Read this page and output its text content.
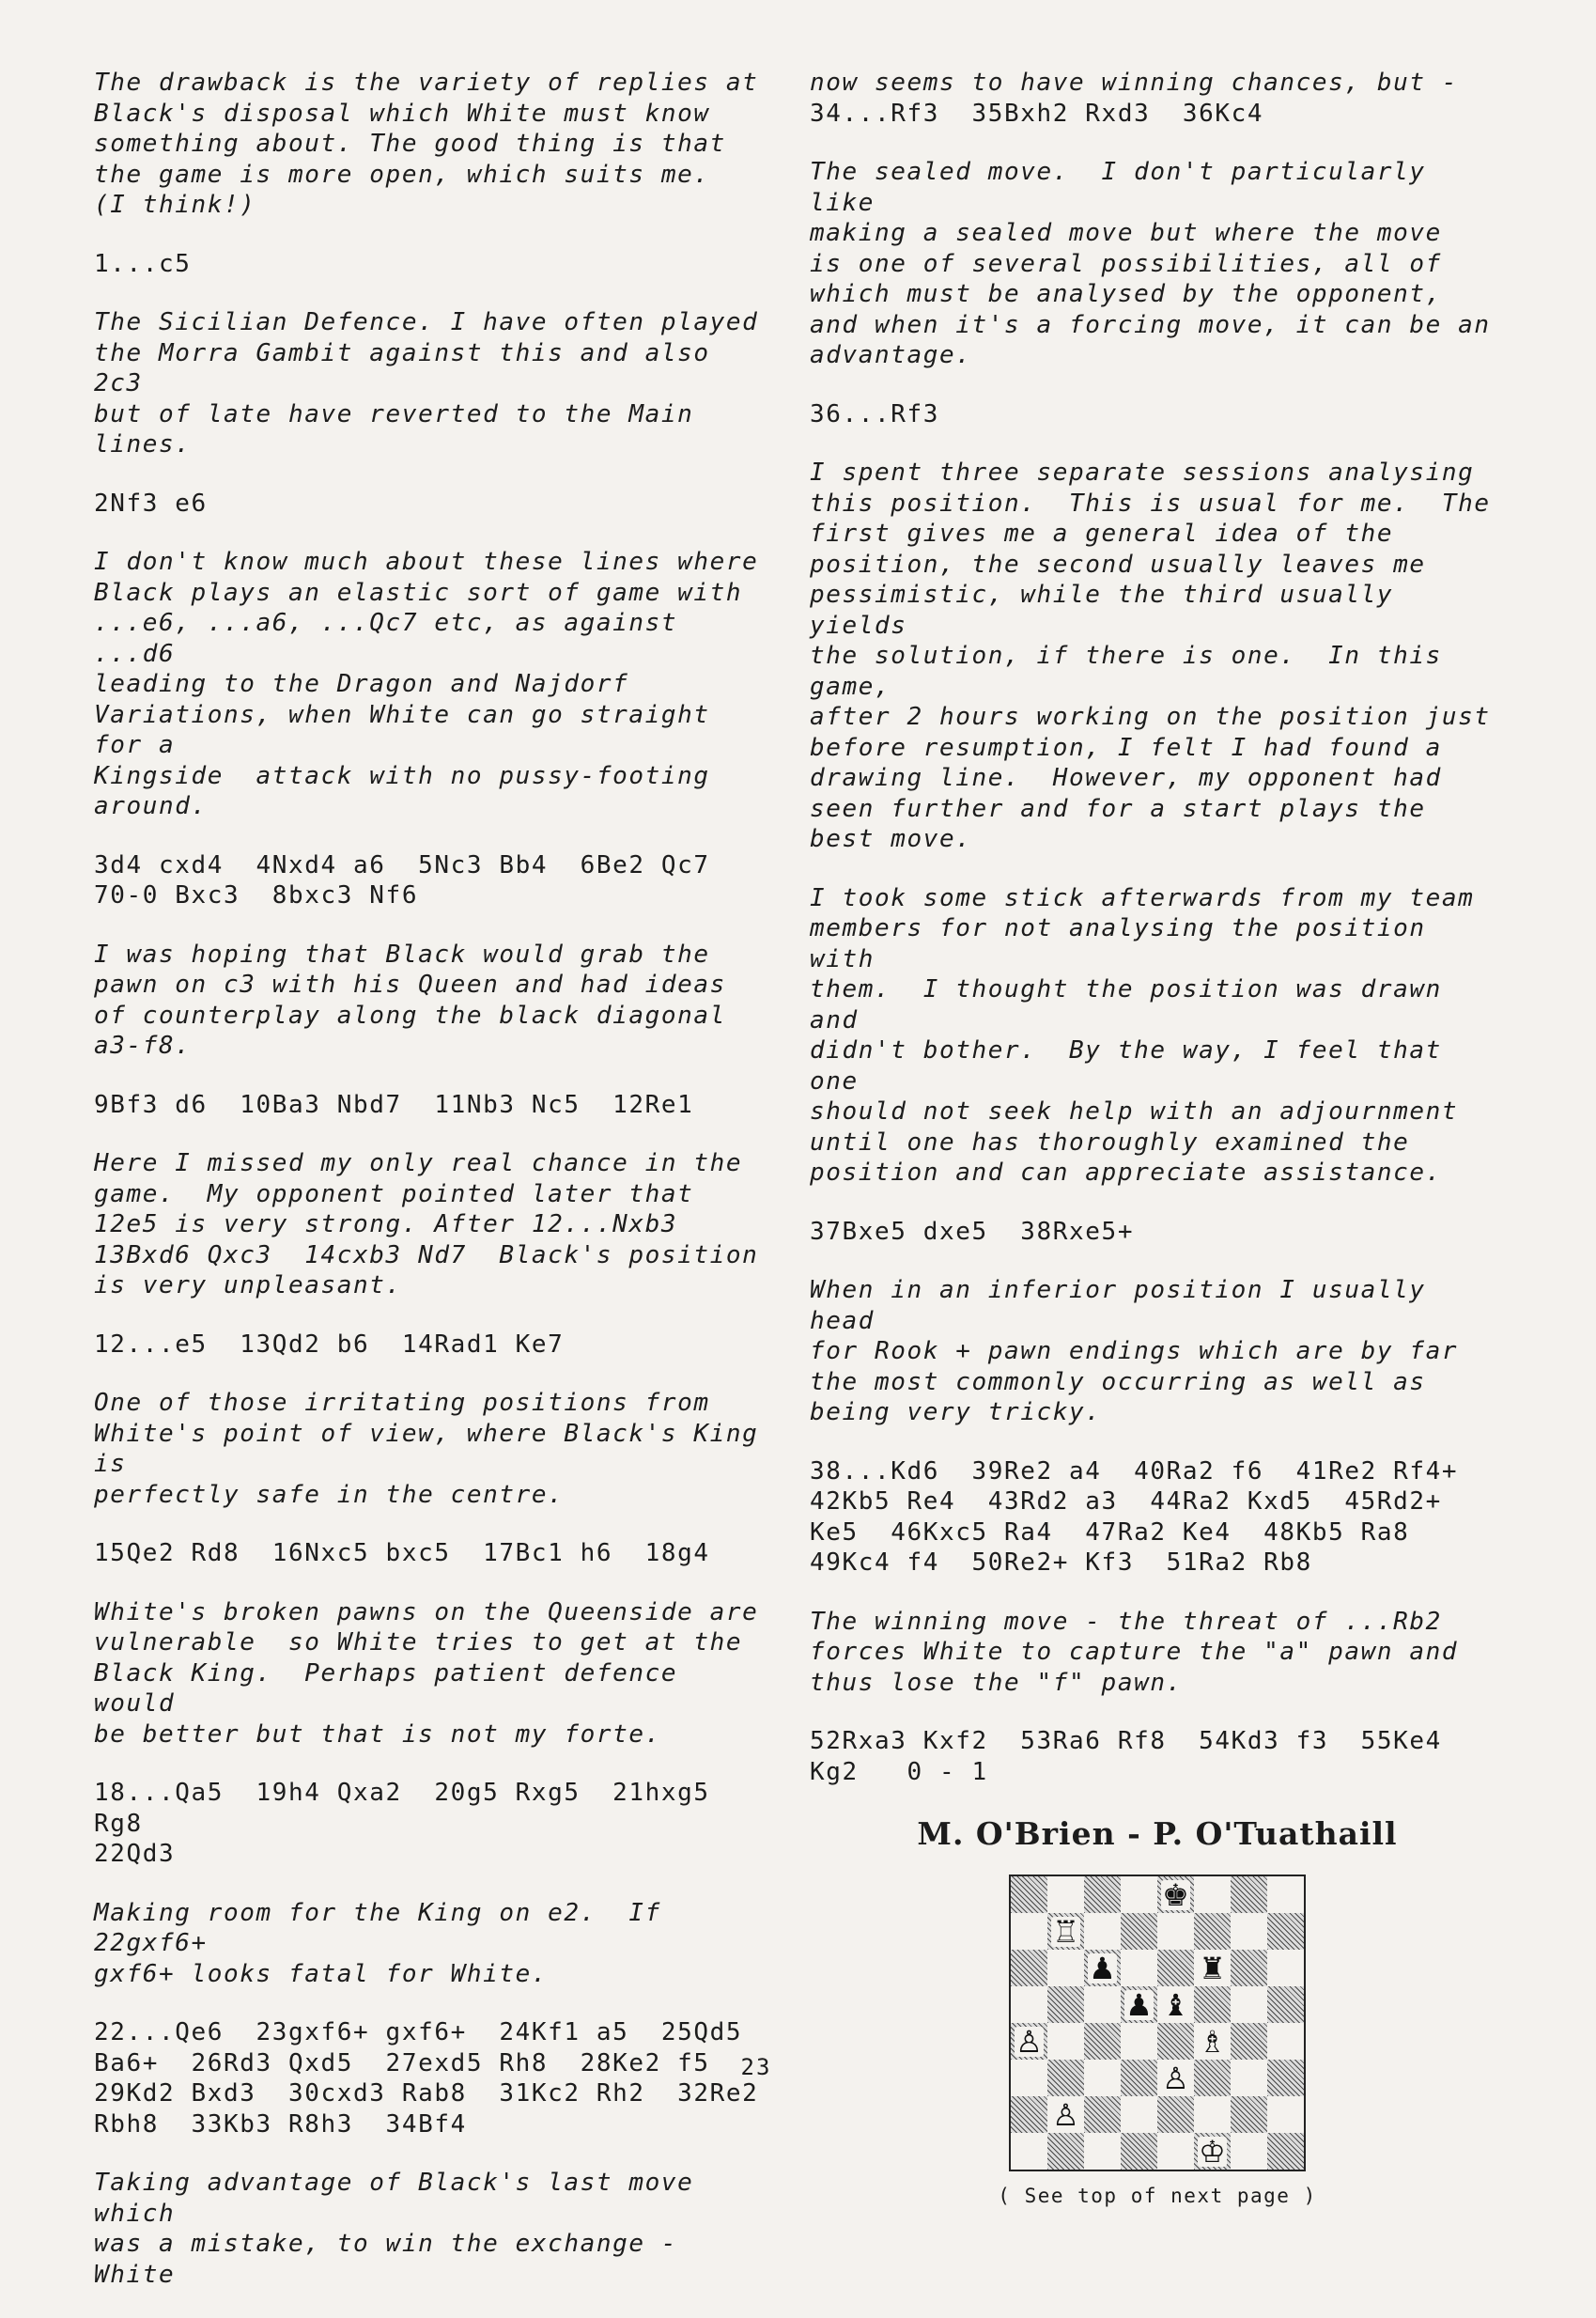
The drawback is the variety of replies at
Black's disposal which White must know
something about. The good thing is that
the game is more open, which suits me.
(I think!)

1...c5

The Sicilian Defence. I have often played
the Morra Gambit against this and also 2c3
but of late have reverted to the Main
lines.

2Nf3 e6

I don't know much about these lines where
Black plays an elastic sort of game with
...e6, ...a6, ...Qc7 etc, as against ...d6
leading to the Dragon and Najdorf
Variations, when White can go straight for a
Kingside  attack with no pussy-footing
around.

3d4 cxd4  4Nxd4 a6  5Nc3 Bb4  6Be2 Qc7
70-0 Bxc3  8bxc3 Nf6

I was hoping that Black would grab the
pawn on c3 with his Queen and had ideas
of counterplay along the black diagonal
a3-f8.

9Bf3 d6  10Ba3 Nbd7  11Nb3 Nc5  12Re1

Here I missed my only real chance in the
game.  My opponent pointed later that
12e5 is very strong. After 12...Nxb3
13Bxd6 Qxc3  14cxb3 Nd7  Black's position
is very unpleasant.

12...e5  13Qd2 b6  14Rad1 Ke7

One of those irritating positions from
White's point of view, where Black's King is
perfectly safe in the centre.

15Qe2 Rd8  16Nxc5 bxc5  17Bc1 h6  18g4

White's broken pawns on the Queenside are
vulnerable  so White tries to get at the
Black King.  Perhaps patient defence would
be better but that is not my forte.

18...Qa5  19h4 Qxa2  20g5 Rxg5  21hxg5 Rg8
22Qd3

Making room for the King on e2.  If 22gxf6+
gxf6+ looks fatal for White.

22...Qe6  23gxf6+ gxf6+  24Kf1 a5  25Qd5
Ba6+  26Rd3 Qxd5  27exd5 Rh8  28Ke2 f5
29Kd2 Bxd3  30cxd3 Rab8  31Kc2 Rh2  32Re2
Rbh8  33Kb3 R8h3  34Bf4

Taking advantage of Black's last move which
was a mistake, to win the exchange - White

now seems to have winning chances, but -

34...Rf3  35Bxh2 Rxd3  36Kc4

The sealed move.  I don't particularly like
making a sealed move but where the move
is one of several possibilities, all of
which must be analysed by the opponent,
and when it's a forcing move, it can be an
advantage.

36...Rf3

I spent three separate sessions analysing
this position.  This is usual for me.  The
first gives me a general idea of the
position, the second usually leaves me
pessimistic, while the third usually yields
the solution, if there is one.  In this game,
after 2 hours working on the position just
before resumption, I felt I had found a
drawing line.  However, my opponent had
seen further and for a start plays the
best move.

I took some stick afterwards from my team
members for not analysing the position with
them.  I thought the position was drawn and
didn't bother.  By the way, I feel that one
should not seek help with an adjournment
until one has thoroughly examined the
position and can appreciate assistance.

37Bxe5 dxe5  38Rxe5+

When in an inferior position I usually head
for Rook + pawn endings which are by far
the most commonly occurring as well as
being very tricky.

38...Kd6  39Re2 a4  40Ra2 f6  41Re2 Rf4+
42Kb5 Re4  43Rd2 a3  44Ra2 Kxd5  45Rd2+
Ke5  46Kxc5 Ra4  47Ra2 Ke4  48Kb5 Ra8
49Kc4 f4  50Re2+ Kf3  51Ra2 Rb8

The winning move - the threat of ...Rb2
forces White to capture the "a" pawn and
thus lose the "f" pawn.

52Rxa3 Kxf2  53Ra6 Rf8  54Kd3 f3  55Ke4
Kg2   0 - 1

M. O'Brien - P. O'Tuathaill
♚
♖
♟	♜
♟ ♝
♙	♗
♙
♙
♔
( See top of next page )
23
